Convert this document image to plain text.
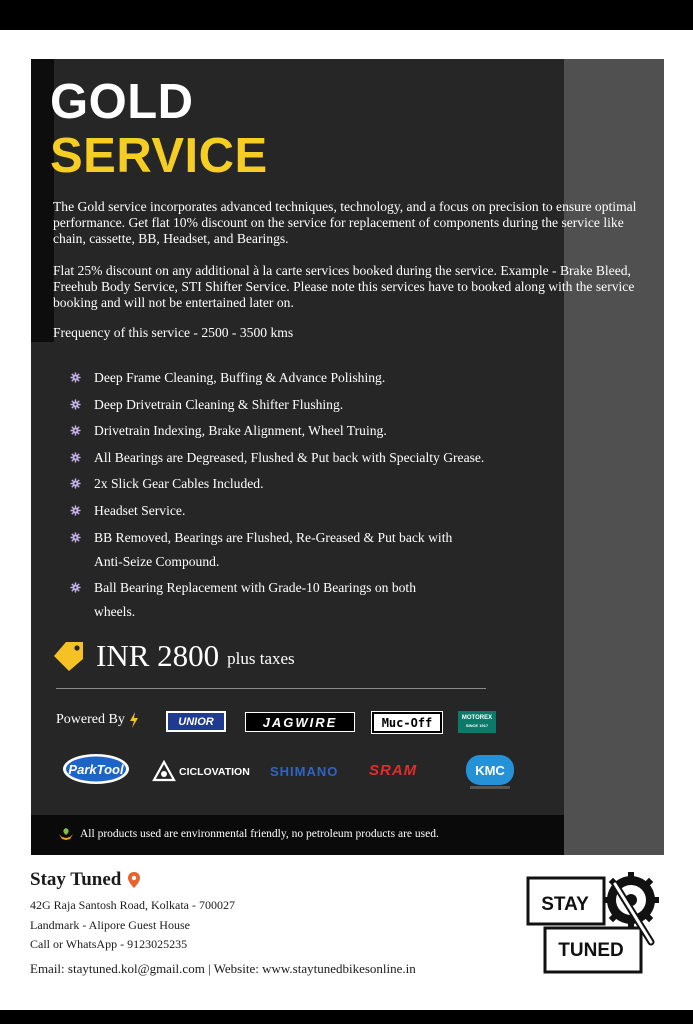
GOLD
SERVICE

The Gold service incorporates advanced techniques, technology, and a focus on precision to ensure optimal performance. Get flat 10% discount on the service for replacement of components during the service like chain, cassette, BB, Headset, and Bearings.

Flat 25% discount on any additional à la carte services booked during the service. Example - Brake Bleed, Freehub Body Service, STI Shifter Service. Please note this services have to booked along with the service booking and will not be entertained later on.

Frequency of this service - 2500 - 3500 kms

Deep Frame Cleaning, Buffing & Advance Polishing.
Deep Drivetrain Cleaning & Shifter Flushing.
Drivetrain Indexing, Brake Alignment, Wheel Truing.
All Bearings are Degreased, Flushed & Put back with Specialty Grease.
2x Slick Gear Cables Included.
Headset Service.
BB Removed, Bearings are Flushed, Re-Greased & Put back with Anti-Seize Compound.
Ball Bearing Replacement with Grade-10 Bearings on both wheels.
INR 2800 plus taxes
Powered By	UNIOR	JAGWIRE	Muc-Off	MOTOREX
SINCE 1917
ParkTool	CICLOVATION SHIMANO SRAM	KMC
All products used are environmental friendly, no petroleum products are used.
Stay Tuned
42G Raja Santosh Road, Kolkata - 700027
Landmark - Alipore Guest House
Call or WhatsApp - 9123025235
Email: staytuned.kol@gmail.com | Website: www.staytunedbikesonline.in
STAY
TUNED
